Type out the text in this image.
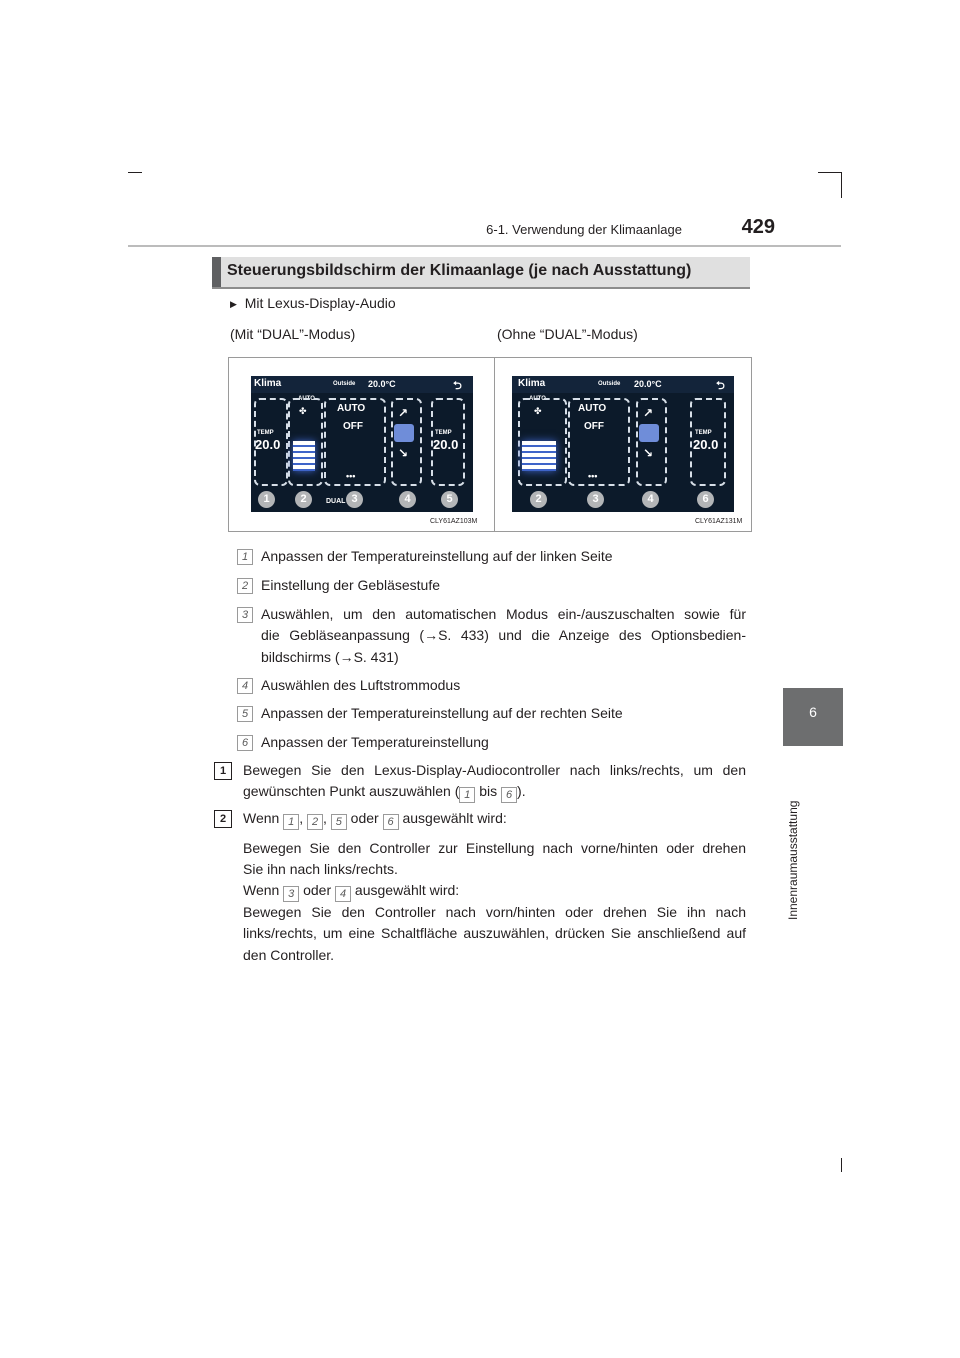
6-1. Verwendung der Klimaanlage	429
6
Innenraumausstattung
Steuerungsbildschirm der Klimaanlage (je nach Ausstattung)
▶ Mit Lexus-Display-Audio
(Mit “DUAL”-Modus)	(Ohne “DUAL”-Modus)
Klima	Outside 20.0°C	⮌
AUTO
TEMP
20.0
✤	AUTO
OFF
•••
↗
↘
TEMP
20.0
DUAL
1	2	3	4	5
CLY61AZ103M
Klima	Outside 20.0°C	⮌
AUTO
✤	AUTO
OFF
•••
↗
↘
TEMP
20.0
2	3	4	6
CLY61AZ131M
1 Anpassen der Temperatureinstellung auf der linken Seite
2 Einstellung der Gebläsestufe
3 Auswählen, um den automatischen Modus ein-/auszuschalten sowie für
die Gebläseanpassung (→S. 433) und die Anzeige des Optionsbedien-
bildschirms (→S. 431)
4 Auswählen des Luftstrommodus
5 Anpassen der Temperatureinstellung auf der rechten Seite
6 Anpassen der Temperatureinstellung
1	Bewegen Sie den Lexus-Display-Audiocontroller nach links/rechts, um den
gewünschten Punkt auszuwählen ( 1 bis 6 ).
2	Wenn 1 , 2 , 5 oder 6 ausgewählt wird:
Bewegen Sie den Controller zur Einstellung nach vorne/hinten oder drehen
Sie ihn nach links/rechts.
Wenn 3 oder 4 ausgewählt wird:
Bewegen Sie den Controller nach vorn/hinten oder drehen Sie ihn nach
links/rechts, um eine Schaltfläche auszuwählen, drücken Sie anschließend auf
den Controller.
